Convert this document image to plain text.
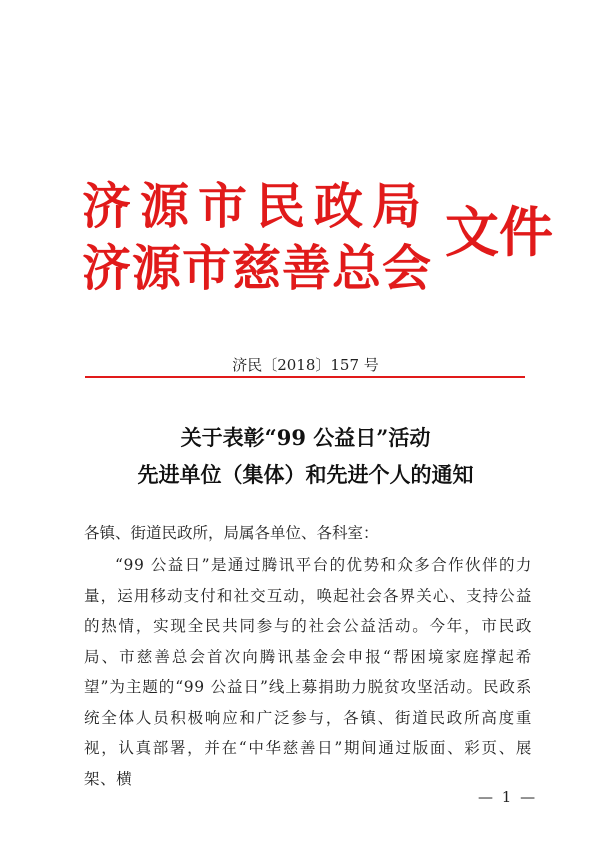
济源市民政局
济源市慈善总会
文件
济民〔2018〕157 号
关于表彰“99 公益日”活动
先进单位（集体）和先进个人的通知
各镇、街道民政所，局属各单位、各科室：

“99 公益日”是通过腾讯平台的优势和众多合作伙伴的力量，运用移动支付和社交互动，唤起社会各界关心、支持公益的热情，实现全民共同参与的社会公益活动。今年，市民政局、市慈善总会首次向腾讯基金会申报“帮困境家庭撑起希望”为主题的“99 公益日”线上募捐助力脱贫攻坚活动。民政系统全体人员积极响应和广泛参与，各镇、街道民政所高度重视，认真部署，并在“中华慈善日”期间通过版面、彩页、展架、横

— 1 —
